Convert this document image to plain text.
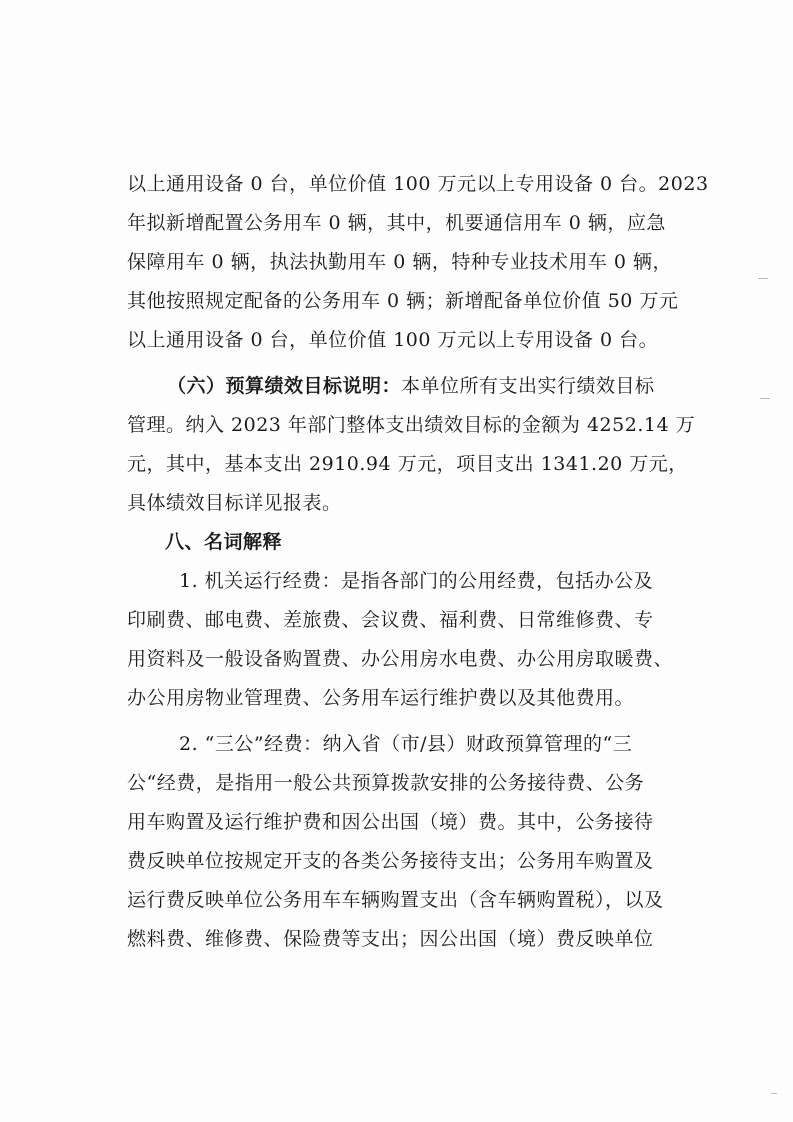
以上通用设备 0 台，单位价值 100 万元以上专用设备 0 台。2023
年拟新增配置公务用车 0 辆，其中，机要通信用车 0 辆，应急
保障用车 0 辆，执法执勤用车 0 辆，特种专业技术用车 0 辆，
其他按照规定配备的公务用车 0 辆；新增配备单位价值 50 万元
以上通用设备 0 台，单位价值 100 万元以上专用设备 0 台。
（六）预算绩效目标说明：本单位所有支出实行绩效目标
管理。纳入 2023 年部门整体支出绩效目标的金额为 4252.14 万
元，其中，基本支出 2910.94 万元，项目支出 1341.20 万元，
具体绩效目标详见报表。
八、名词解释
1. 机关运行经费：是指各部门的公用经费，包括办公及
印刷费、邮电费、差旅费、会议费、福利费、日常维修费、专
用资料及一般设备购置费、办公用房水电费、办公用房取暖费、
办公用房物业管理费、公务用车运行维护费以及其他费用。
2. “三公”经费：纳入省（市/县）财政预算管理的“三
公“经费，是指用一般公共预算拨款安排的公务接待费、公务
用车购置及运行维护费和因公出国（境）费。其中，公务接待
费反映单位按规定开支的各类公务接待支出；公务用车购置及
运行费反映单位公务用车车辆购置支出（含车辆购置税），以及
燃料费、维修费、保险费等支出；因公出国（境）费反映单位
